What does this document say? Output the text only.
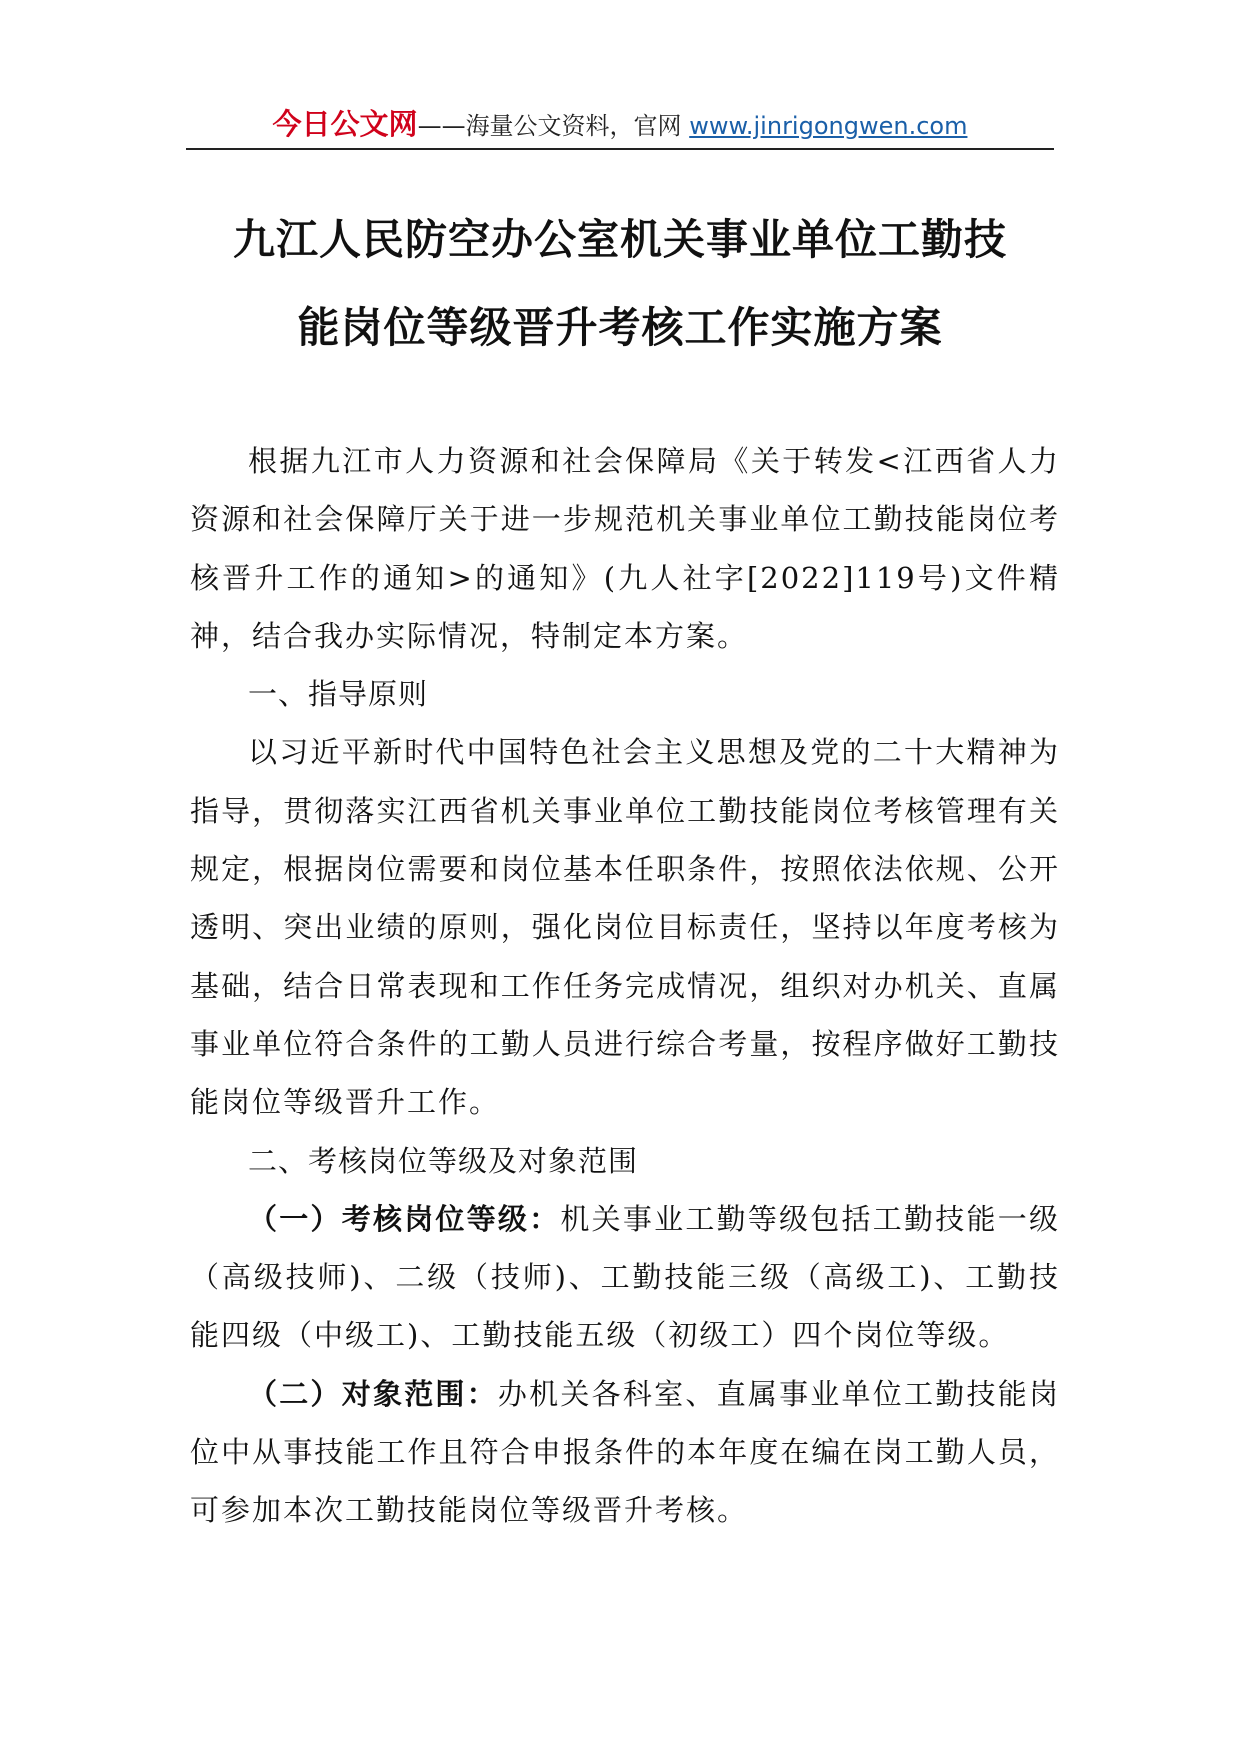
今日公文网——海量公文资料，官网 www.jinrigongwen.com
九江人民防空办公室机关事业单位工勤技
能岗位等级晋升考核工作实施方案

根据九江市人力资源和社会保障局《关于转发<江西省人力资源和社会保障厅关于进一步规范机关事业单位工勤技能岗位考核晋升工作的通知>的通知》(九人社字[2022]119号)文件精神，结合我办实际情况，特制定本方案。

一、指导原则

以习近平新时代中国特色社会主义思想及党的二十大精神为指导，贯彻落实江西省机关事业单位工勤技能岗位考核管理有关规定，根据岗位需要和岗位基本任职条件，按照依法依规、公开透明、突出业绩的原则，强化岗位目标责任，坚持以年度考核为基础，结合日常表现和工作任务完成情况，组织对办机关、直属事业单位符合条件的工勤人员进行综合考量，按程序做好工勤技能岗位等级晋升工作。

二、考核岗位等级及对象范围

（一）考核岗位等级：机关事业工勤等级包括工勤技能一级（高级技师)、二级（技师)、工勤技能三级（高级工)、工勤技能四级（中级工)、工勤技能五级（初级工）四个岗位等级。

（二）对象范围：办机关各科室、直属事业单位工勤技能岗位中从事技能工作且符合申报条件的本年度在编在岗工勤人员，可参加本次工勤技能岗位等级晋升考核。
